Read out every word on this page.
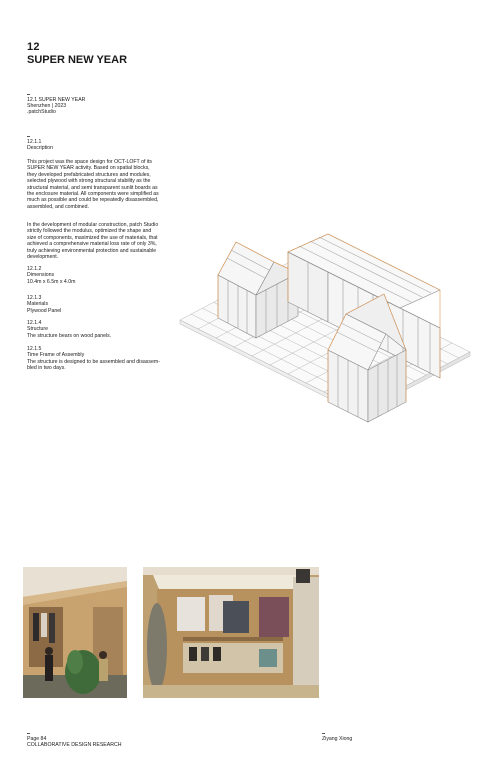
12
SUPER NEW YEAR
12.1 SUPER NEW YEAR
Shenzhen | 2023
.patchStudio
12.1.1
Description
This project was the space design for OCT-LOFT of its
SUPER NEW YEAR activity. Based on spatial blocks,
they developed prefabricated structures and modules,
selected plywood with strong structural stability as the
structural material, and semi transparent sunlit boards as
the enclosure material. All components were simplified as
much as possible and could be repeatedly disassembled,
assembled, and combined.
In the development of modular construction, patch Studio
strictly followed the modulus, optimized the shape and
size of components, maximized the use of materials, that
achieved a comprehensive material loss rate of only 3%,
truly achieving environmental protection and sustainable
development.
12.1.2
Dimensions
10.4m x 6.5m x 4.0m
12.1.3
Materials
Plywood Panel
12.1.4
Structure
The structure bears on wood panels.
12.1.5
Time Frame of Assembly
The structure is designed to be assembled and disassem-
bled in two days.
Page 84
COLLABORATIVE DESIGN RESEARCH
Ziyang Xiong
